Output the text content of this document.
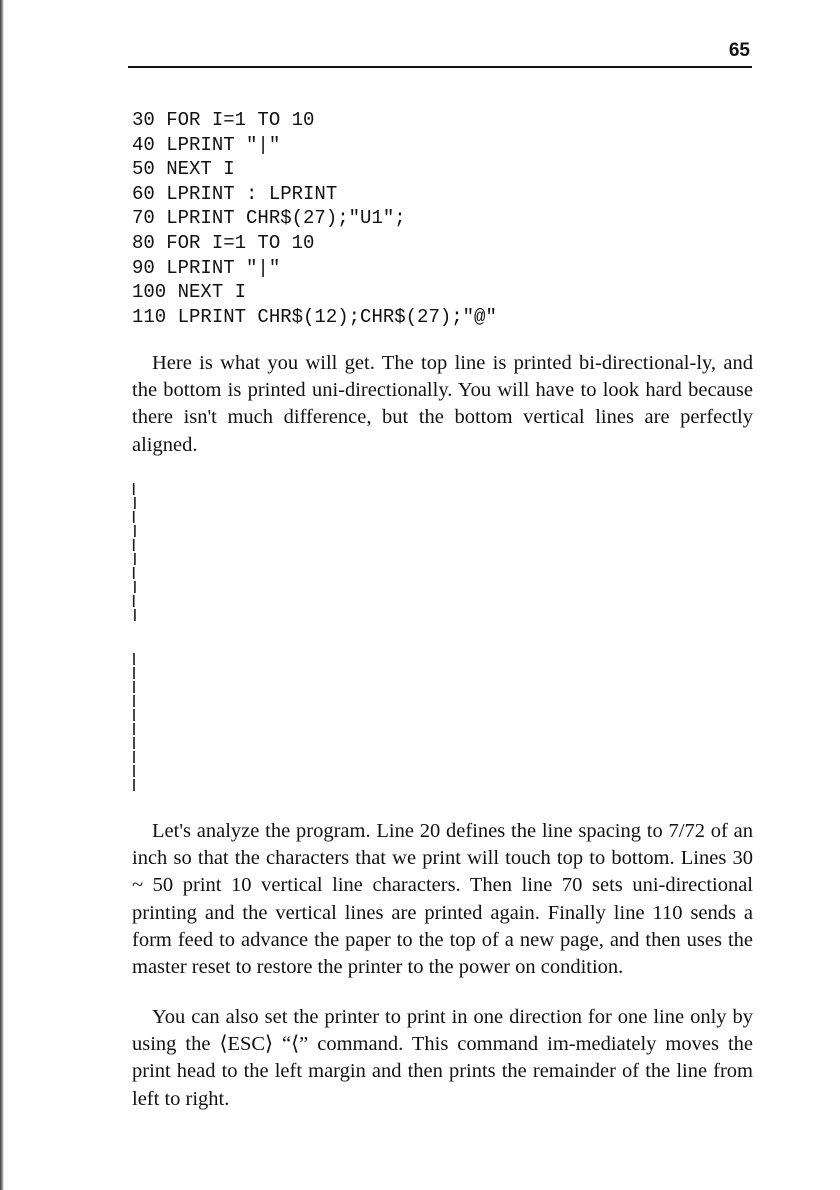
65
30 FOR I=1 TO 10
40 LPRINT "|"
50 NEXT I
60 LPRINT : LPRINT
70 LPRINT CHR$(27);"U1";
80 FOR I=1 TO 10
90 LPRINT "|"
100 NEXT I
110 LPRINT CHR$(12);CHR$(27);"@"

Here is what you will get. The top line is printed bi-directional-ly, and the bottom is printed uni-directionally. You will have to look hard because there isn't much difference, but the bottom vertical lines are perfectly aligned.

Let's analyze the program. Line 20 defines the line spacing to 7/72 of an inch so that the characters that we print will touch top to bottom. Lines 30 ~ 50 print 10 vertical line characters. Then line 70 sets uni-directional printing and the vertical lines are printed again. Finally line 110 sends a form feed to advance the paper to the top of a new page, and then uses the master reset to restore the printer to the power on condition.

You can also set the printer to print in one direction for one line only by using the ⟨ESC⟩ “⟨” command. This command im-mediately moves the print head to the left margin and then prints the remainder of the line from left to right.
